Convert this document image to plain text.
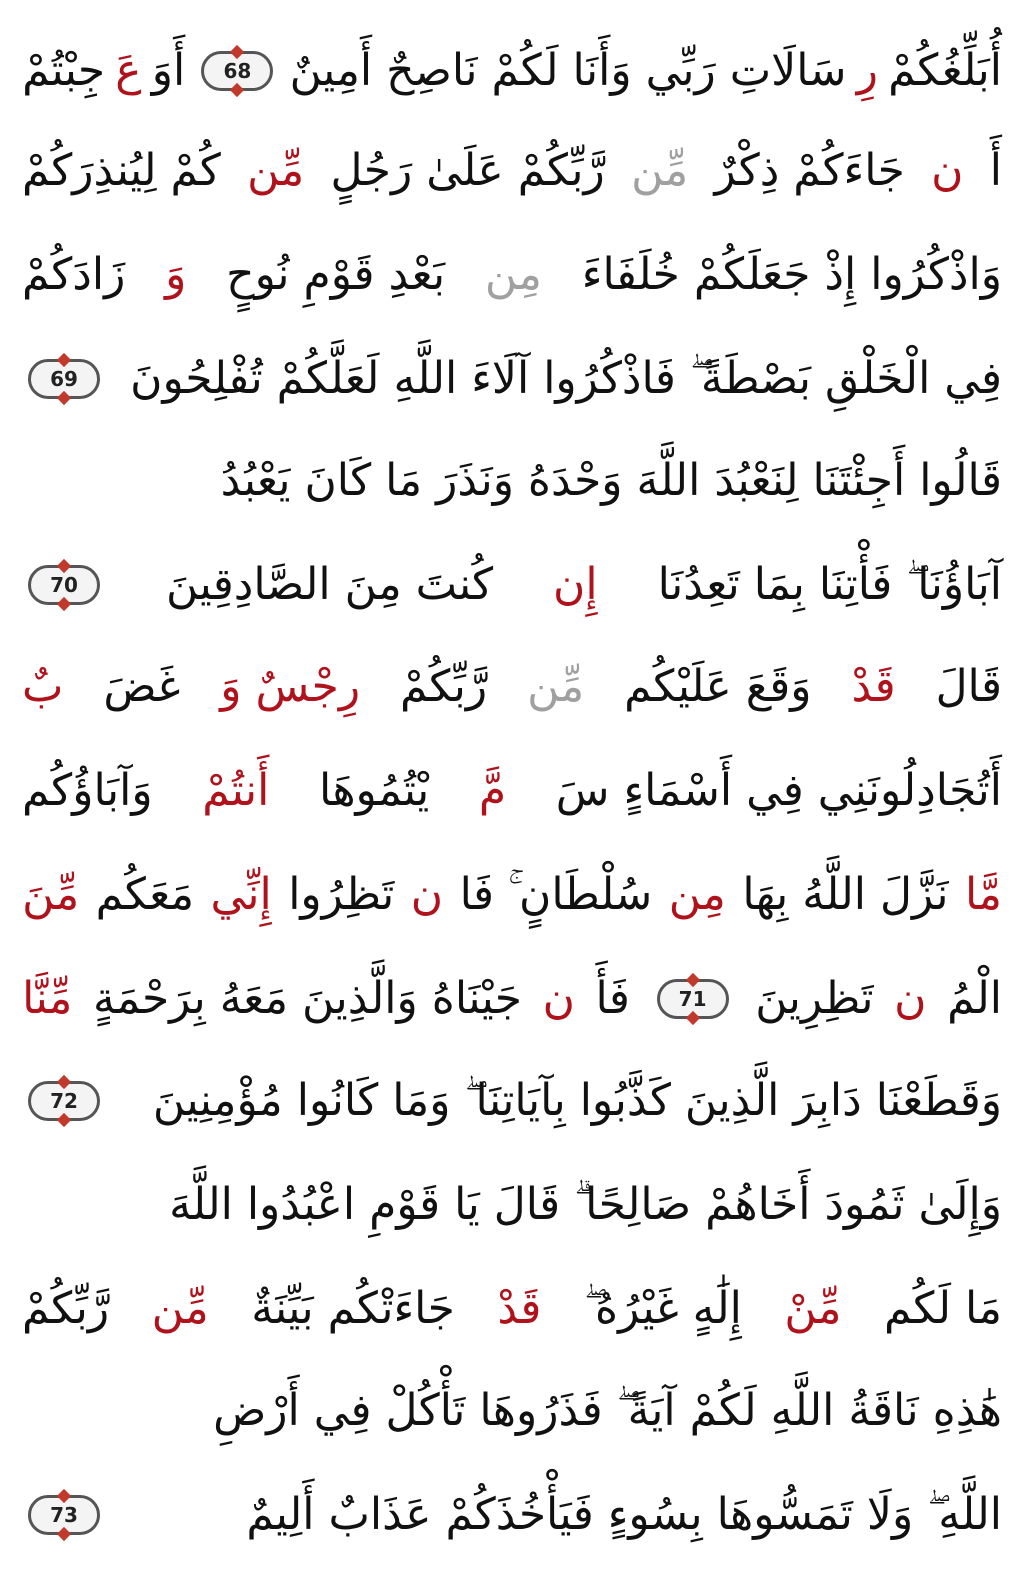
أُبَلِّغُكُمْ
رِ
سَالَاتِ رَبِّي وَأَنَا لَكُمْ نَاصِحٌ أَمِينٌ
68
أَوَ
عَ
جِبْتُمْ
أَ
ن
جَاءَكُمْ ذِكْرٌ
مِّن
رَّبِّكُمْ عَلَىٰ رَجُلٍ
مِّن
كُمْ لِيُنذِرَكُمْ
وَاذْكُرُوا إِذْ جَعَلَكُمْ خُلَفَاءَ
مِن
بَعْدِ قَوْمِ نُوحٍ
وَ
زَادَكُمْ
فِي الْخَلْقِ بَصْطَةً ۖ فَاذْكُرُوا آلَاءَ اللَّهِ لَعَلَّكُمْ تُفْلِحُونَ
69
قَالُوا أَجِئْتَنَا لِنَعْبُدَ اللَّهَ وَحْدَهُ وَنَذَرَ مَا كَانَ يَعْبُدُ
آبَاؤُنَا ۖ فَأْتِنَا بِمَا تَعِدُنَا
إِن
كُنتَ مِنَ الصَّادِقِينَ
70
قَالَ
قَدْ
وَقَعَ عَلَيْكُم
مِّن
رَّبِّكُمْ
رِجْسٌ وَ
غَضَ
بٌ
أَتُجَادِلُونَنِي فِي أَسْمَاءٍ سَ
مَّ
يْتُمُوهَا
أَنتُمْ
وَآبَاؤُكُم
مَّا
نَزَّلَ اللَّهُ بِهَا
مِن
سُلْطَانٍ ۚ فَا
ن
تَظِرُوا
إِنِّي
مَعَكُم
مِّنَ
الْمُ
ن
تَظِرِينَ
71
فَأَ
ن
جَيْنَاهُ وَالَّذِينَ مَعَهُ بِرَحْمَةٍ
مِّنَّا
وَقَطَعْنَا دَابِرَ الَّذِينَ كَذَّبُوا بِآيَاتِنَا ۖ وَمَا كَانُوا مُؤْمِنِينَ
72
وَإِلَىٰ ثَمُودَ أَخَاهُمْ صَالِحًا ۗ قَالَ يَا قَوْمِ اعْبُدُوا اللَّهَ
مَا لَكُم
مِّنْ
إِلَٰهٍ غَيْرُهُ ۖ
قَدْ
جَاءَتْكُم بَيِّنَةٌ
مِّن
رَّبِّكُمْ
هَٰذِهِ نَاقَةُ اللَّهِ لَكُمْ آيَةً ۖ فَذَرُوهَا تَأْكُلْ فِي أَرْضِ
اللَّهِ ۖ وَلَا تَمَسُّوهَا بِسُوءٍ فَيَأْخُذَكُمْ عَذَابٌ أَلِيمٌ
73
